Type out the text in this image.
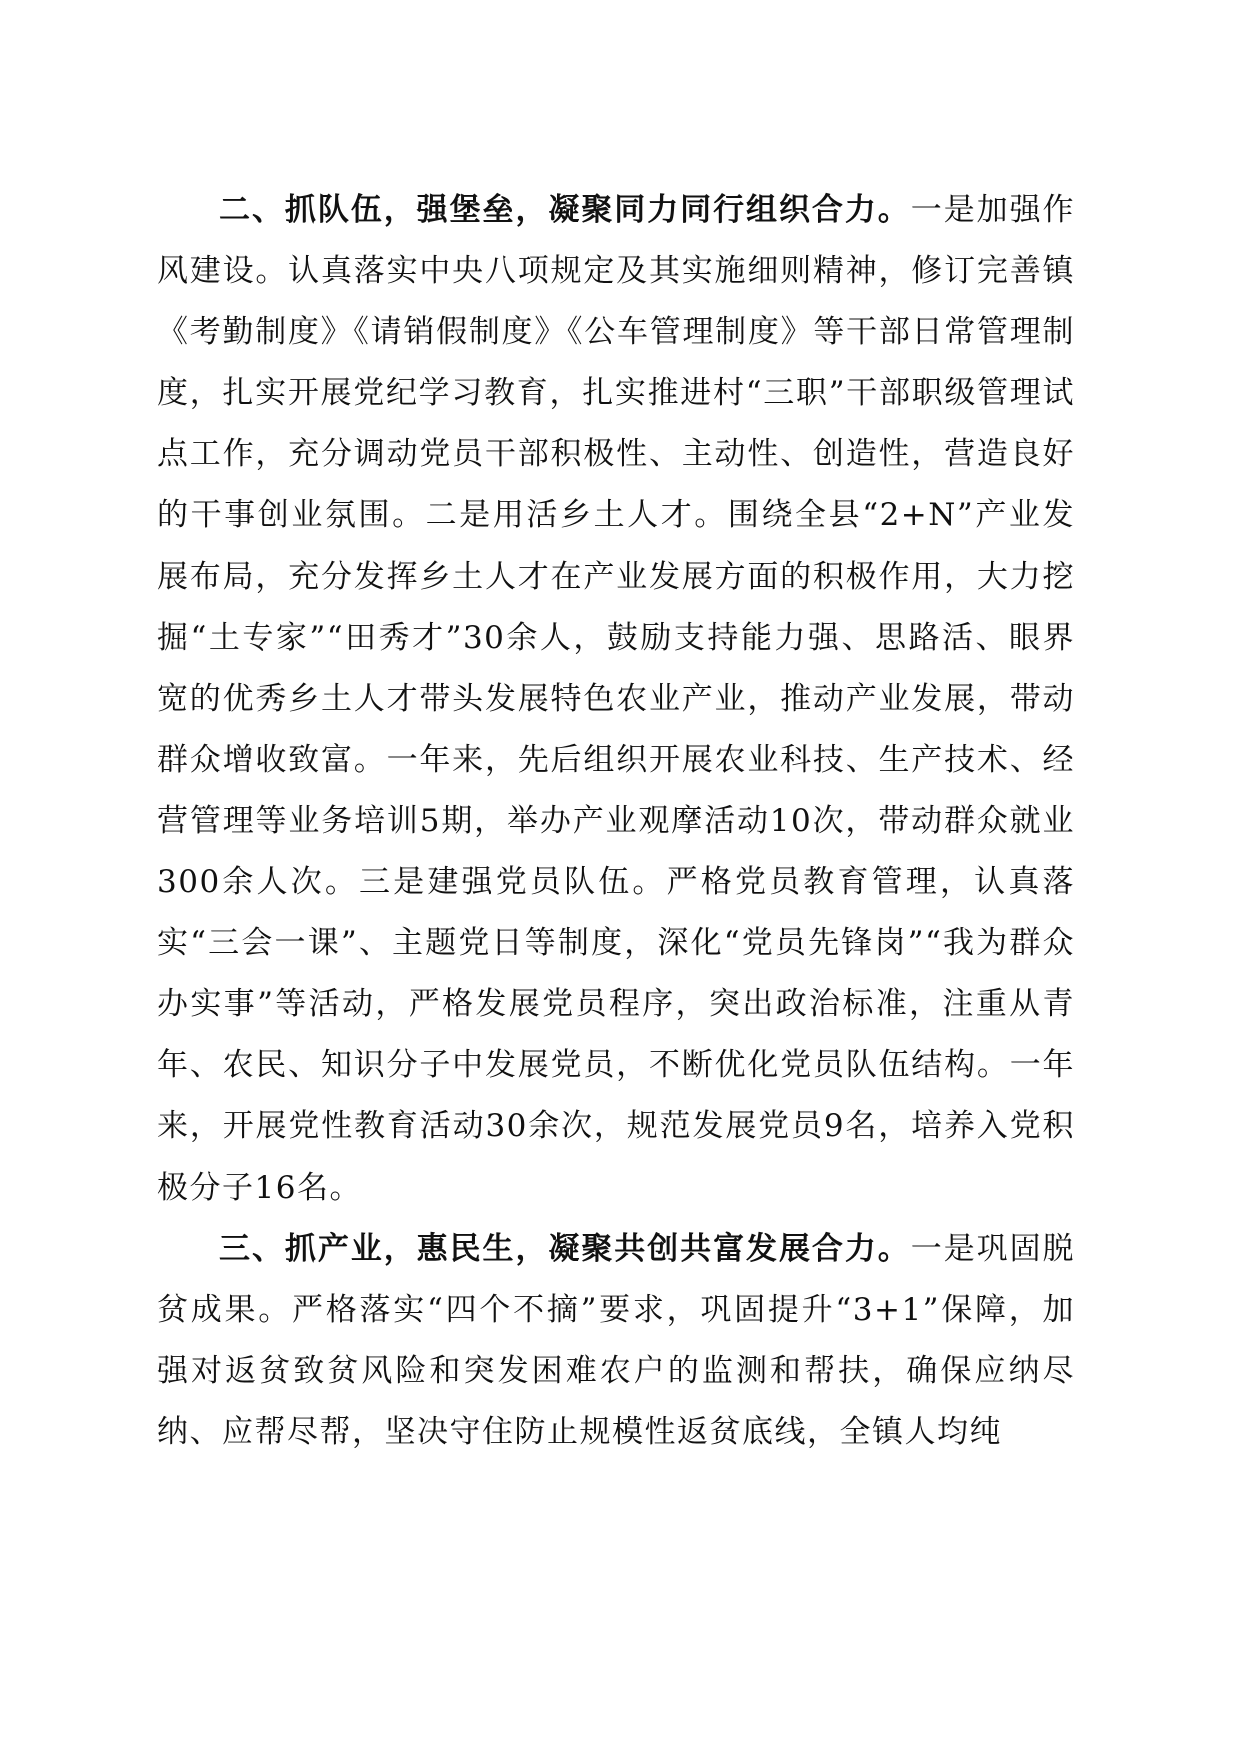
二、抓队伍，强堡垒，凝聚同力同行组织合力。一是加强作风建设。认真落实中央八项规定及其实施细则精神，修订完善镇《考勤制度》《请销假制度》《公车管理制度》等干部日常管理制度，扎实开展党纪学习教育，扎实推进村“三职”干部职级管理试点工作，充分调动党员干部积极性、主动性、创造性，营造良好的干事创业氛围。二是用活乡土人才。围绕全县“2+N”产业发展布局，充分发挥乡土人才在产业发展方面的积极作用，大力挖掘“土专家”“田秀才”30余人，鼓励支持能力强、思路活、眼界宽的优秀乡土人才带头发展特色农业产业，推动产业发展，带动群众增收致富。一年来，先后组织开展农业科技、生产技术、经营管理等业务培训5期，举办产业观摩活动10次，带动群众就业300余人次。三是建强党员队伍。严格党员教育管理，认真落实“三会一课”、主题党日等制度，深化“党员先锋岗”“我为群众办实事”等活动，严格发展党员程序，突出政治标准，注重从青年、农民、知识分子中发展党员，不断优化党员队伍结构。一年来，开展党性教育活动30余次，规范发展党员9名，培养入党积极分子16名。

三、抓产业，惠民生，凝聚共创共富发展合力。一是巩固脱贫成果。严格落实“四个不摘”要求，巩固提升“3+1”保障，加强对返贫致贫风险和突发困难农户的监测和帮扶，确保应纳尽纳、应帮尽帮，坚决守住防止规模性返贫底线，全镇人均纯
